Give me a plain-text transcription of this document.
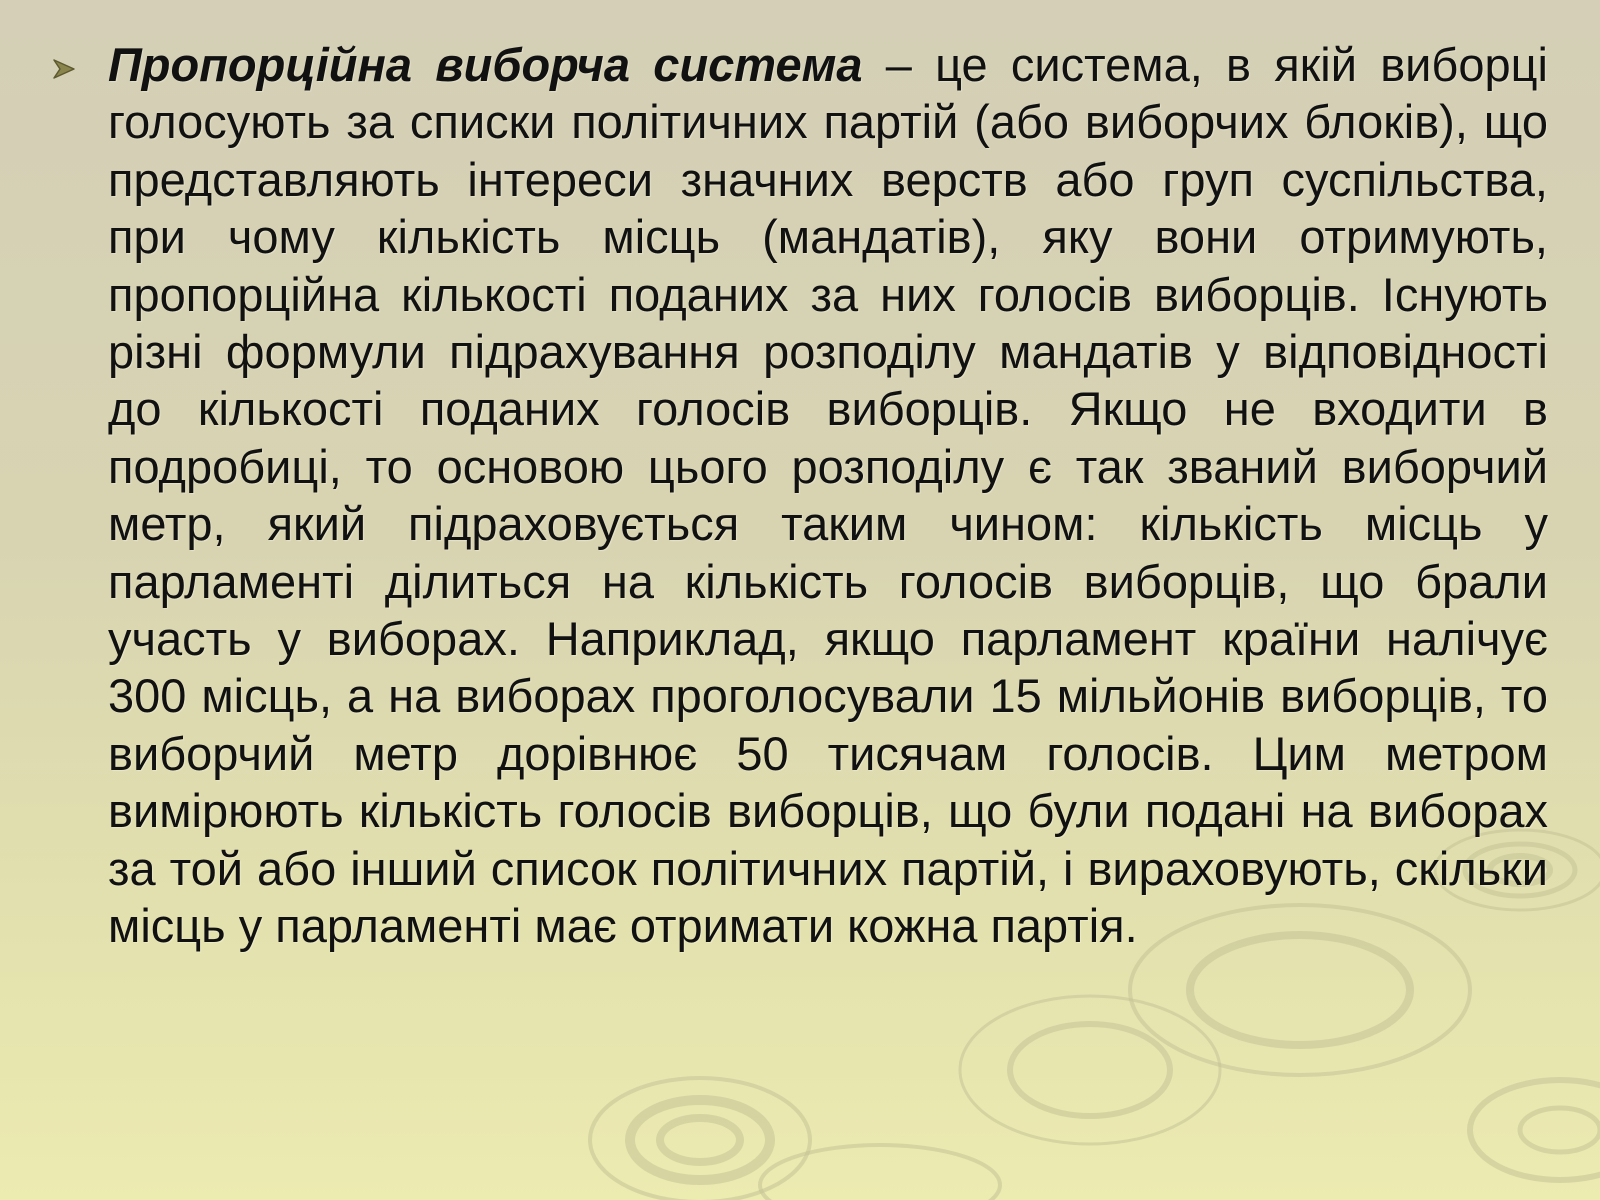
Пропорційна виборча система – це система, в якій виборці голосують за списки політичних партій (або виборчих блоків), що представляють інтереси значних верств або груп суспільства, при чому кількість місць (мандатів), яку вони отримують, пропорційна кількості поданих за них голосів виборців. Існують різні формули підрахування розподілу мандатів у відповідності до кількості поданих голосів виборців. Якщо не входити в подробиці, то основою цього розподілу є так званий виборчий метр, який підраховується таким чином: кількість місць у парламенті ділиться на кількість голосів виборців, що брали участь у виборах. Наприклад, якщо парламент країни налічує 300 місць, а на виборах проголосували 15 мільйонів виборців, то виборчий метр дорівнює 50 тисячам голосів. Цим метром вимірюють кількість голосів виборців, що були подані на виборах за той або інший список політичних партій, і вираховують, скільки місць у парламенті має отримати кожна партія.
